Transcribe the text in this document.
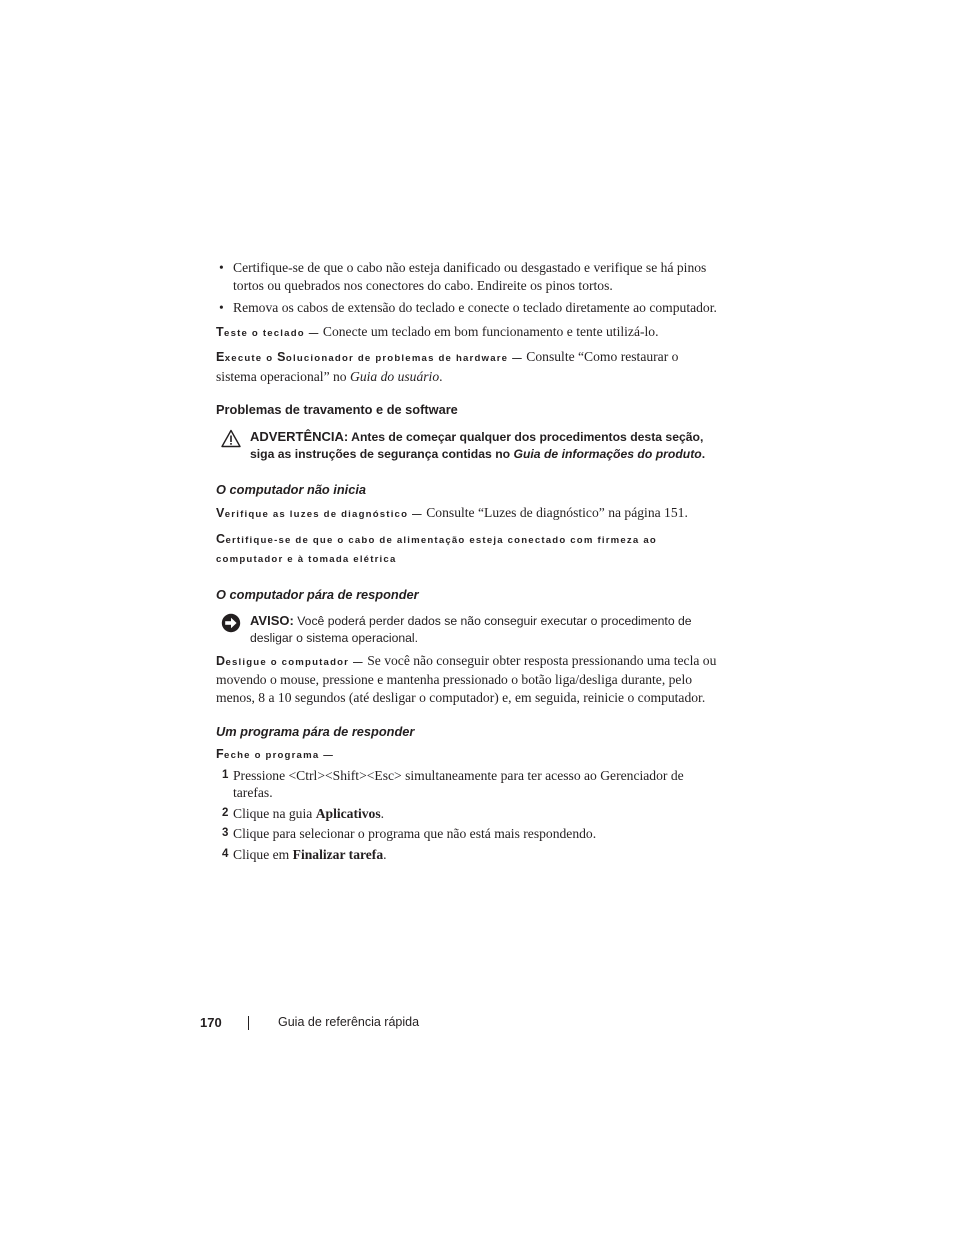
• Certifique-se de que o cabo não esteja danificado ou desgastado e verifique se há pinos tortos ou quebrados nos conectores do cabo. Endireite os pinos tortos.

• Remova os cabos de extensão do teclado e conecte o teclado diretamente ao computador.

Teste o teclado — Conecte um teclado em bom funcionamento e tente utilizá-lo.

Execute o Solucionador de problemas de hardware — Consulte “Como restaurar o sistema operacional” no Guia do usuário.

Problemas de travamento e de software
ADVERTÊNCIA: Antes de começar qualquer dos procedimentos desta seção, siga as instruções de segurança contidas no Guia de informações do produto.
O computador não inicia

Verifique as luzes de diagnóstico — Consulte “Luzes de diagnóstico” na página 151.

Certifique-se de que o cabo de alimentação esteja conectado com firmeza ao computador e à tomada elétrica

O computador pára de responder
AVISO: Você poderá perder dados se não conseguir executar o procedimento de desligar o sistema operacional.

Desligue o computador — Se você não conseguir obter resposta pressionando uma tecla ou movendo o mouse, pressione e mantenha pressionado o botão liga/desliga durante, pelo menos, 8 a 10 segundos (até desligar o computador) e, em seguida, reinicie o computador.

Um programa pára de responder

Feche o programa —

1 Pressione <Ctrl><Shift><Esc> simultaneamente para ter acesso ao Gerenciador de tarefas.
2 Clique na guia Aplicativos.
3 Clique para selecionar o programa que não está mais respondendo.
4 Clique em Finalizar tarefa.
170	Guia de referência rápida
